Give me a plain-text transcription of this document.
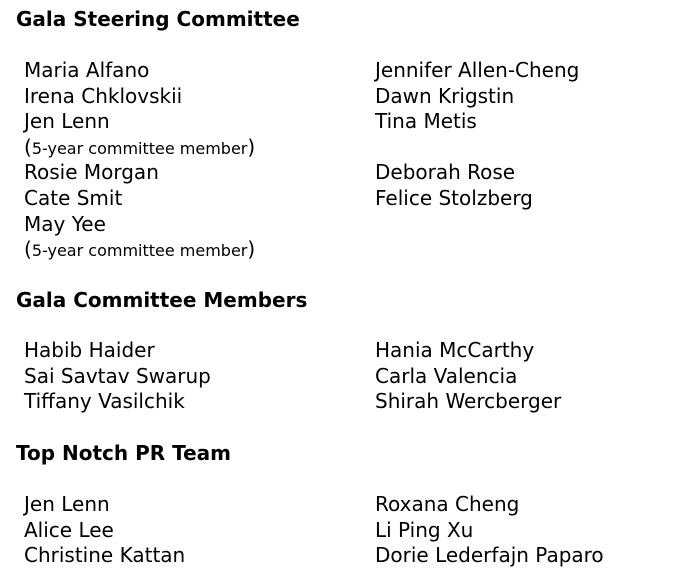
Gala Steering Committee
Maria Alfano
Irena Chklovskii
Jen Lenn
(5-year committee member)
Rosie Morgan
Cate Smit
May Yee
(5-year committee member)
Jennifer Allen-Cheng
Dawn Krigstin
Tina Metis
Deborah Rose
Felice Stolzberg
Gala Committee Members
Habib Haider
Sai Savtav Swarup
Tiffany Vasilchik
Hania McCarthy
Carla Valencia
Shirah Wercberger
Top Notch PR Team
Jen Lenn
Alice Lee
Christine Kattan
Roxana Cheng
Li Ping Xu
Dorie Lederfajn Paparo
